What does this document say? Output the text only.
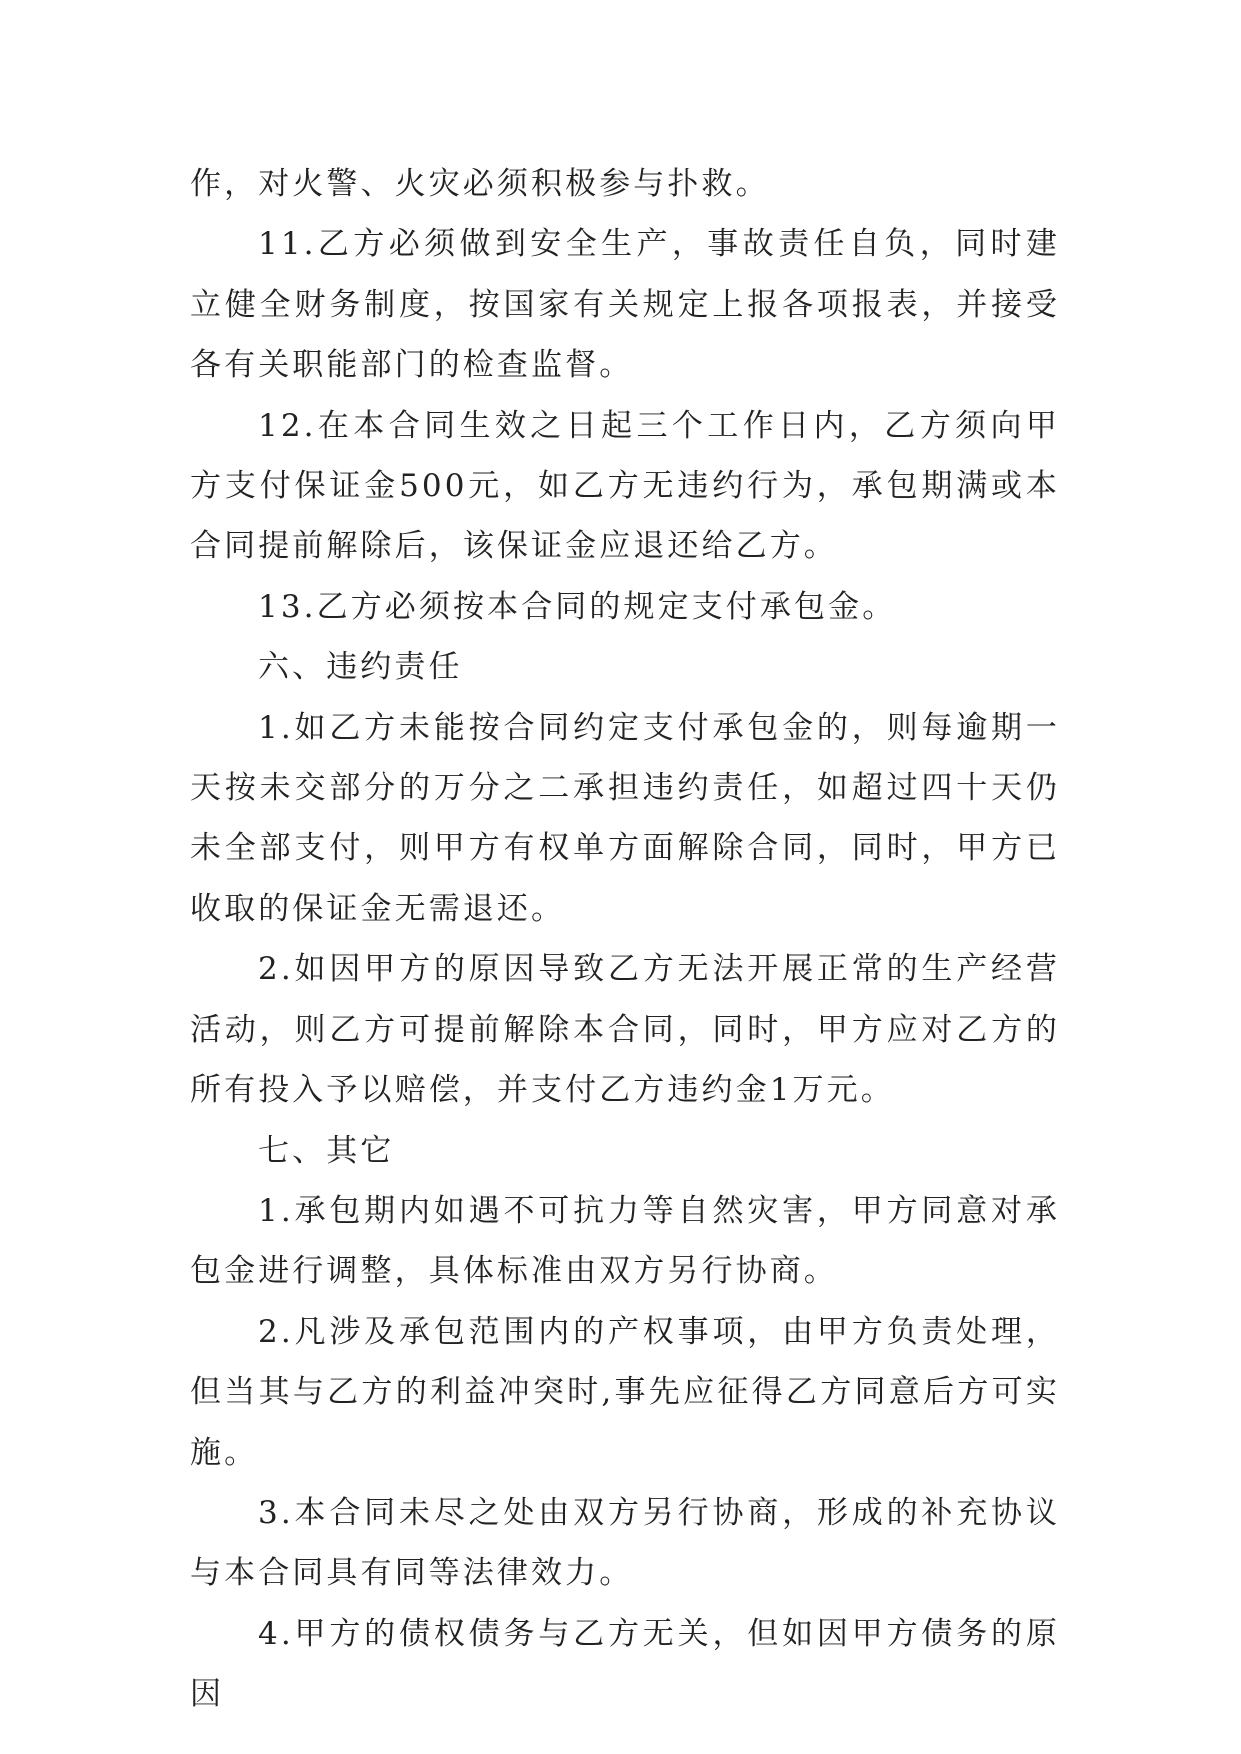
作，对火警、火灾必须积极参与扑救。

11.乙方必须做到安全生产，事故责任自负，同时建立健全财务制度，按国家有关规定上报各项报表，并接受各有关职能部门的检查监督。

12.在本合同生效之日起三个工作日内，乙方须向甲方支付保证金500元，如乙方无违约行为，承包期满或本合同提前解除后，该保证金应退还给乙方。

13.乙方必须按本合同的规定支付承包金。

六、违约责任

1.如乙方未能按合同约定支付承包金的，则每逾期一天按未交部分的万分之二承担违约责任，如超过四十天仍未全部支付，则甲方有权单方面解除合同，同时，甲方已收取的保证金无需退还。

2.如因甲方的原因导致乙方无法开展正常的生产经营活动，则乙方可提前解除本合同，同时，甲方应对乙方的所有投入予以赔偿，并支付乙方违约金1万元。

七、其它

1.承包期内如遇不可抗力等自然灾害，甲方同意对承包金进行调整，具体标准由双方另行协商。

2.凡涉及承包范围内的产权事项，由甲方负责处理，但当其与乙方的利益冲突时,事先应征得乙方同意后方可实施。

3.本合同未尽之处由双方另行协商，形成的补充协议与本合同具有同等法律效力。

4.甲方的债权债务与乙方无关，但如因甲方债务的原因
